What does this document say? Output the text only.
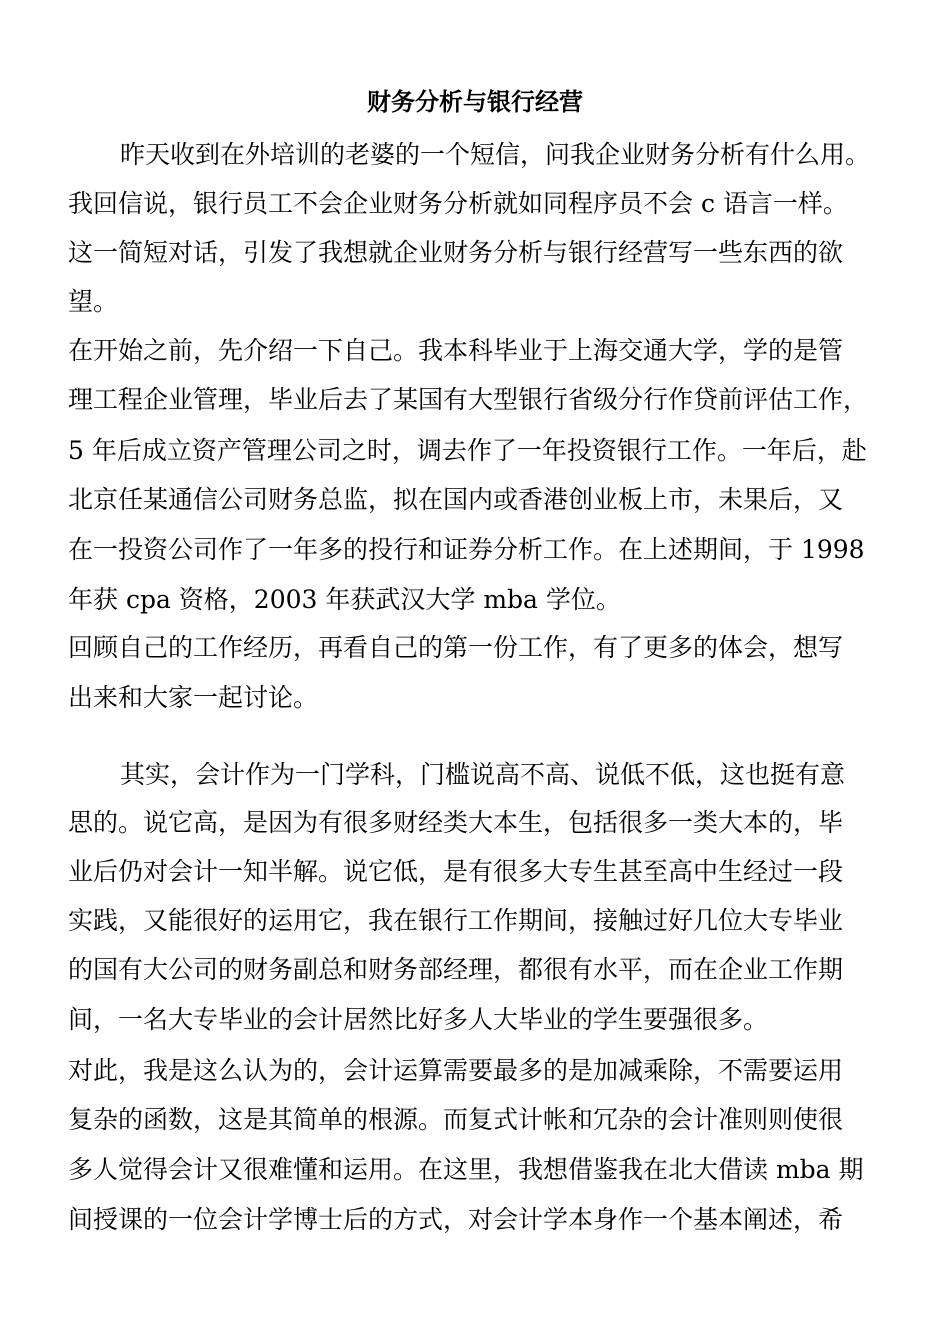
财务分析与银行经营

昨天收到在外培训的老婆的一个短信，问我企业财务分析有什么用。

我回信说，银行员工不会企业财务分析就如同程序员不会 c 语言一样。

这一简短对话，引发了我想就企业财务分析与银行经营写一些东西的欲

望。

在开始之前，先介绍一下自己。我本科毕业于上海交通大学，学的是管

理工程企业管理，毕业后去了某国有大型银行省级分行作贷前评估工作，

5 年后成立资产管理公司之时，调去作了一年投资银行工作。一年后，赴

北京任某通信公司财务总监，拟在国内或香港创业板上市，未果后，又

在一投资公司作了一年多的投行和证券分析工作。在上述期间，于 1998

年获 cpa 资格，2003 年获武汉大学 mba 学位。

回顾自己的工作经历，再看自己的第一份工作，有了更多的体会，想写

出来和大家一起讨论。

其实，会计作为一门学科，门槛说高不高、说低不低，这也挺有意

思的。说它高，是因为有很多财经类大本生，包括很多一类大本的，毕

业后仍对会计一知半解。说它低，是有很多大专生甚至高中生经过一段

实践，又能很好的运用它，我在银行工作期间，接触过好几位大专毕业

的国有大公司的财务副总和财务部经理，都很有水平，而在企业工作期

间，一名大专毕业的会计居然比好多人大毕业的学生要强很多。

对此，我是这么认为的，会计运算需要最多的是加减乘除，不需要运用

复杂的函数，这是其简单的根源。而复式计帐和冗杂的会计准则则使很

多人觉得会计又很难懂和运用。在这里，我想借鉴我在北大借读 mba 期

间授课的一位会计学博士后的方式，对会计学本身作一个基本阐述，希
